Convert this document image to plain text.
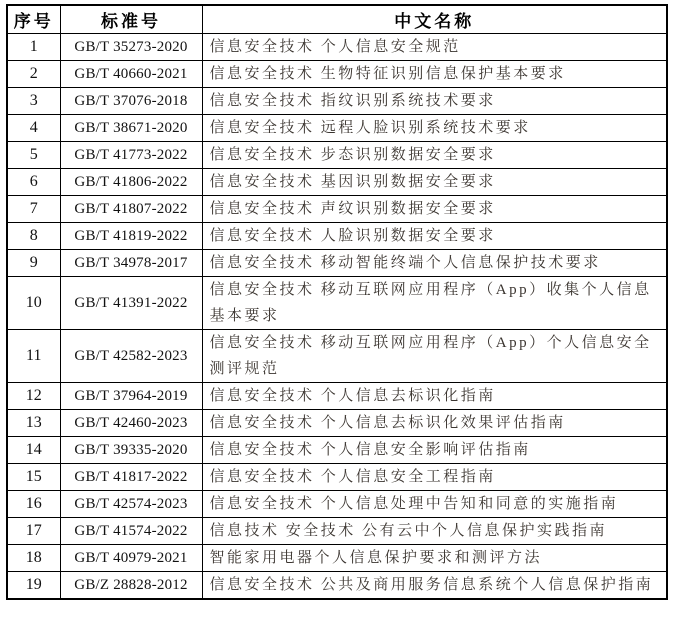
序号	标准号	中文名称
1	GB/T 35273-2020	信息安全技术 个人信息安全规范
2	GB/T 40660-2021	信息安全技术 生物特征识别信息保护基本要求
3	GB/T 37076-2018	信息安全技术 指纹识别系统技术要求
4	GB/T 38671-2020	信息安全技术 远程人脸识别系统技术要求
5	GB/T 41773-2022	信息安全技术 步态识别数据安全要求
6	GB/T 41806-2022	信息安全技术 基因识别数据安全要求
7	GB/T 41807-2022	信息安全技术 声纹识别数据安全要求
8	GB/T 41819-2022	信息安全技术 人脸识别数据安全要求
9	GB/T 34978-2017	信息安全技术 移动智能终端个人信息保护技术要求
10	GB/T 41391-2022	信息安全技术 移动互联网应用程序（App）收集个人信息基本要求
11	GB/T 42582-2023	信息安全技术 移动互联网应用程序（App）个人信息安全测评规范
12	GB/T 37964-2019	信息安全技术 个人信息去标识化指南
13	GB/T 42460-2023	信息安全技术 个人信息去标识化效果评估指南
14	GB/T 39335-2020	信息安全技术 个人信息安全影响评估指南
15	GB/T 41817-2022	信息安全技术 个人信息安全工程指南
16	GB/T 42574-2023	信息安全技术 个人信息处理中告知和同意的实施指南
17	GB/T 41574-2022	信息技术 安全技术 公有云中个人信息保护实践指南
18	GB/T 40979-2021	智能家用电器个人信息保护要求和测评方法
19	GB/Z 28828-2012	信息安全技术 公共及商用服务信息系统个人信息保护指南
